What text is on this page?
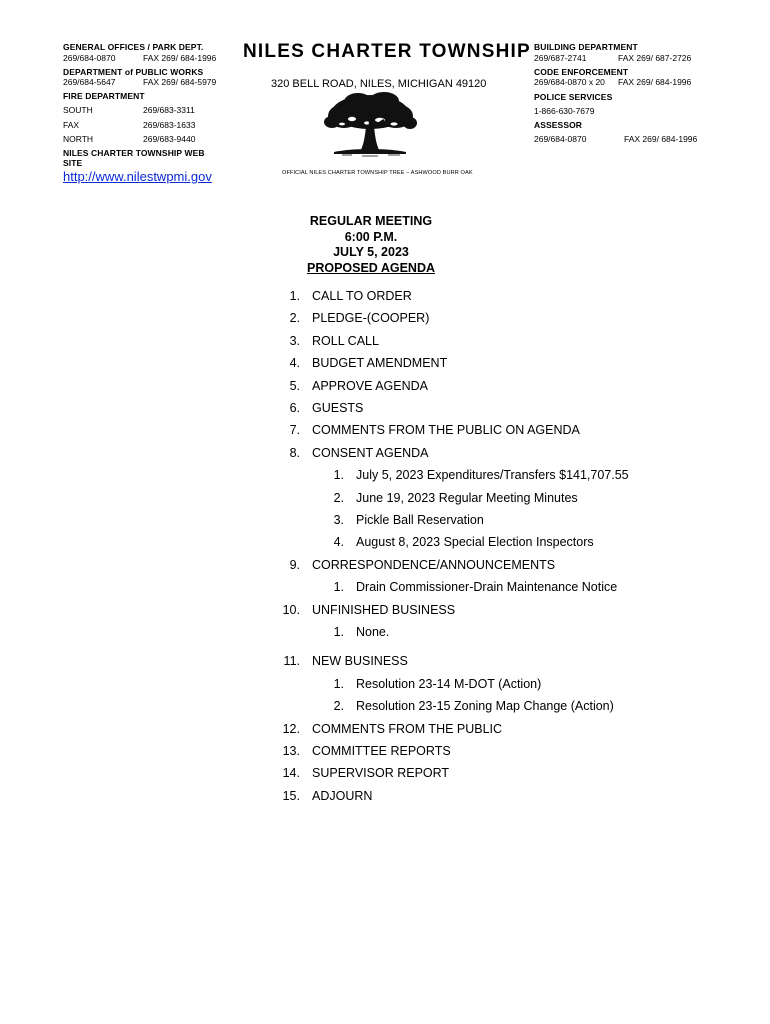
GENERAL OFFICES / PARK DEPT.
269/684-0870	FAX 269/ 684-1996
DEPARTMENT of PUBLIC WORKS
269/684-5647	FAX 269/ 684-5979
FIRE DEPARTMENT
SOUTH	269/683-3311
FAX	269/683-1633
NORTH	269/683-9440
NILES CHARTER TOWNSHIP WEB
SITE
http://www.nilestwpmi.gov
NILES CHARTER TOWNSHIP
320 BELL ROAD, NILES, MICHIGAN 49120
OFFICIAL NILES CHARTER TOWNSHIP TREE – ASHWOOD BURR OAK
BUILDING DEPARTMENT
269/687-2741	FAX 269/ 687-2726
CODE ENFORCEMENT
269/684-0870 x 20 FAX 269/ 684-1996
POLICE SERVICES
1-866-630-7679
ASSESSOR
269/684-0870	FAX 269/ 684-1996
REGULAR MEETING
6:00 P.M.
JULY 5, 2023
PROPOSED AGENDA
1. CALL TO ORDER
2. PLEDGE-(COOPER)
3. ROLL CALL
4. BUDGET AMENDMENT
5. APPROVE AGENDA
6. GUESTS
7. COMMENTS FROM THE PUBLIC ON AGENDA
8. CONSENT AGENDA
1. July 5, 2023 Expenditures/Transfers $141,707.55
2. June 19, 2023 Regular Meeting Minutes
3. Pickle Ball Reservation
4. August 8, 2023 Special Election Inspectors
9. CORRESPONDENCE/ANNOUNCEMENTS
1. Drain Commissioner-Drain Maintenance Notice
10. UNFINISHED BUSINESS
1. None.
11. NEW BUSINESS
1. Resolution 23-14 M-DOT (Action)
2. Resolution 23-15 Zoning Map Change (Action)
12. COMMENTS FROM THE PUBLIC
13. COMMITTEE REPORTS
14. SUPERVISOR REPORT
15. ADJOURN
